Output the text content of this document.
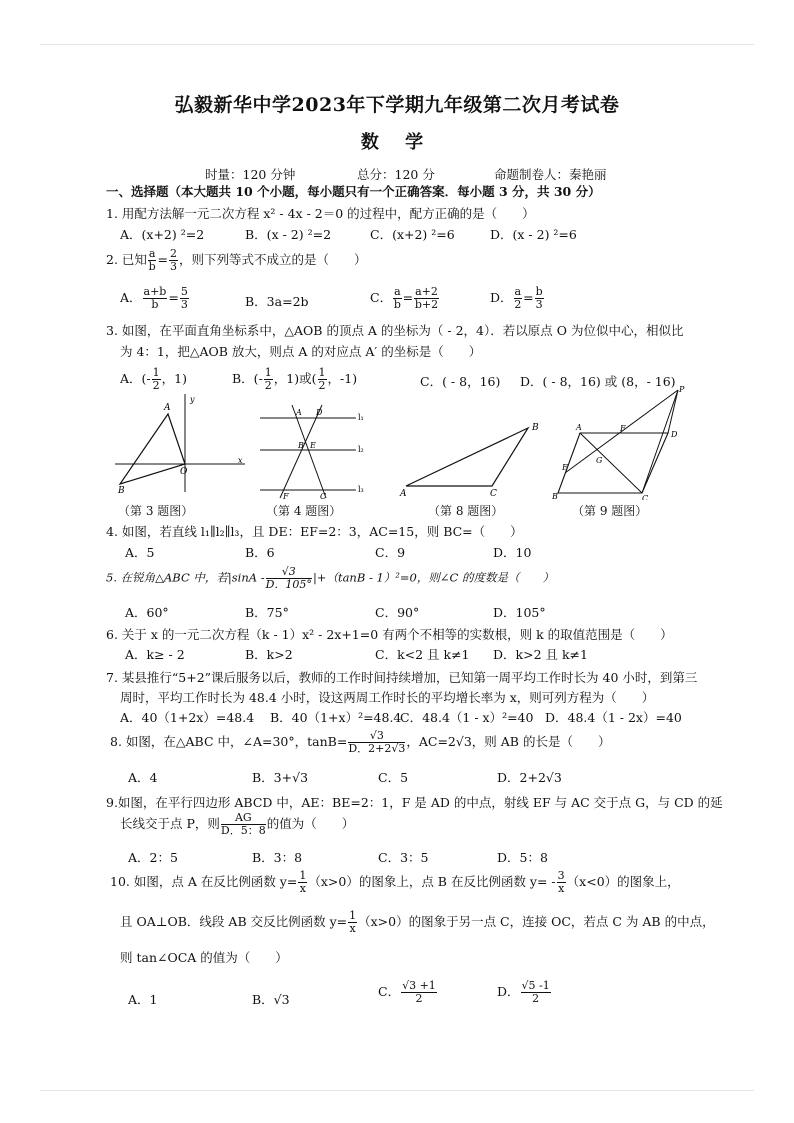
弘毅新华中学2023年下学期九年级第二次月考试卷
数 学
时量：120 分钟	总分：120 分	命题制卷人：秦艳丽
一、选择题（本大题共 10 个小题，每小题只有一个正确答案．每小题 3 分，共 30 分）
1. 用配方法解一元二次方程 x² - 4x - 2＝0 的过程中，配方正确的是（　　）
A．(x+2) ²=2	B．(x - 2) ²=2	C．(x+2) ²=6	D．(x - 2) ²=6
2. 已知 $\frac{a}{b} = \frac{2}{3}$ ，则下列等式不成立的是（　　）
A． $\frac{a+b}{b} = \frac{5}{3}$	B．3a=2b	C． $\frac{a}{b} = \frac{a+2}{b+2}$	D． $\frac{a}{2} = \frac{b}{3}$
3. 如图，在平面直角坐标系中，△AOB 的顶点 A 的坐标为（ - 2，4）．若以原点 O 为位似中心，相似比
为 4：1，把△AOB 放大，则点 A 的对应点 A′ 的坐标是（　　）
A．(- $\frac{1}{2}$ ，1)	B．(- $\frac{1}{2}$ ，1)或( $\frac{1}{2}$ ，-1)	C．( - 8，16) D．( - 8，16) 或 (8，- 16)
A
B
O
y
x
A D
B E
F	C
l₁
l₂
l₃	A
B
C
A	F
D
P
G
E
B	C
（第 3 题图）	（第 4 题图）	（第 8 题图）	（第 9 题图）
4. 如图，若直线 l₁∥l₂∥l₃，且 DE：EF=2：3，AC=15，则 BC=（　　）
A．5	B．6	C．9	D．10
5. 在锐角△ABC 中，若$|\sin A - \frac{√3}{D.105^\circ} |+(\tan B - 1)^2=0$，则∠C 的度数是（　　）
A．60°	B．75°	C．90°	D．105°
6. 关于 x 的一元二次方程（k - 1）x² - 2x+1=0 有两个不相等的实数根，则 k 的取值范围是（　　）
A．k≥ - 2	B．k>2	C．k<2 且 k≠1 D．k>2 且 k≠1
7. 某县推行“5+2”课后服务以后，教师的工作时间持续增加，已知第一周平均工作时长为 40 小时，到第三
周时，平均工作时长为 48.4 小时，设这两周工作时长的平均增长率为 x，则可列方程为（　　）
A．40（1+2x）=48.4 B．40（1+x）²=48.4
C．48.4（1 - x）²=40 D．48.4（1 - 2x）=40
8. 如图，在△ABC 中，∠A=30°，$\tan B= \frac{√3}{D.2+2√3}$ ，AC=2√3，则 AB 的长是（　　）
A．4	B．3+√3	C．5	D．2+2√3
9.如图，在平行四边形 ABCD 中，AE：BE=2：1，F 是 AD 的中点，射线 EF 与 AC 交于点 G，与 CD 的延
长线交于点 P，则 $\frac{AG}{D.5:8}$ 的值为（　　）
A．2：5	B．3：8	C．3：5	D．5：8
10. 如图，点 A 在反比例函数 $y= \frac{1}{x} (x>0)$的图象上，点 B 在反比例函数 $y= - \frac{3}{x} (x<0)$的图象上，
且 OA⊥OB．线段 AB 交反比例函数 $y= \frac{1}{x} (x>0)$的图象于另一点 C，连接 OC，若点 C 为 AB 的中点，
则 tan∠OCA 的值为（　　）
A．1	B．√3
C． $\frac{√3 +1}{2}$	D． $\frac{√5 -1}{2}$
